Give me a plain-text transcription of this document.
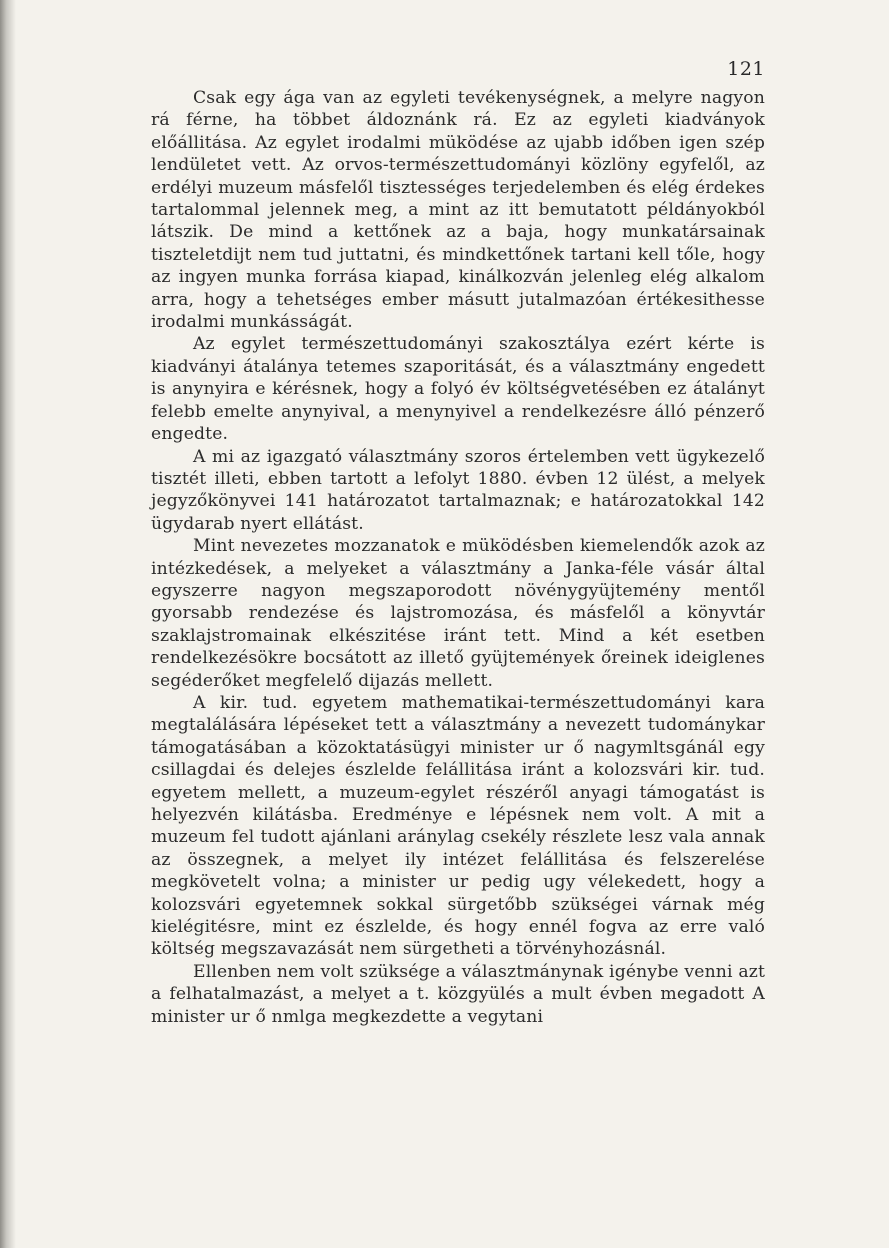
121

Csak egy ága van az egyleti tevékenységnek, a melyre nagyon rá férne, ha többet áldoznánk rá. Ez az egyleti kiadványok előállitása. Az egylet irodalmi müködése az ujabb időben igen szép lendületet vett. Az orvos-természettudományi közlöny egyfelől, az erdélyi muzeum másfelől tisztességes terjedelemben és elég érdekes tartalommal jelennek meg, a mint az itt bemutatott példányokból látszik. De mind a kettőnek az a baja, hogy munkatársainak tiszteletdijt nem tud juttatni, és mindkettőnek tartani kell tőle, hogy az ingyen munka forrása kiapad, kinálkozván jelenleg elég alkalom arra, hogy a tehetséges ember másutt jutalmazóan értékesithesse irodalmi munkásságát.

Az egylet természettudományi szakosztálya ezért kérte is kiadványi átalánya tetemes szaporitását, és a választmány engedett is anynyira e kérésnek, hogy a folyó év költségvetésében ez átalányt felebb emelte anynyival, a menynyivel a rendelkezésre álló pénzerő engedte.

A mi az igazgató választmány szoros értelemben vett ügykezelő tisztét illeti, ebben tartott a lefolyt 1880. évben 12 ülést, a melyek jegyzőkönyvei 141 határozatot tartalmaznak; e határozatokkal 142 ügydarab nyert ellátást.

Mint nevezetes mozzanatok e müködésben kiemelendők azok az intézkedések, a melyeket a választmány a Janka-féle vásár által egyszerre nagyon megszaporodott növénygyüjtemény mentől gyorsabb rendezése és lajstromozása, és másfelől a könyvtár szaklajstromainak elkészitése iránt tett. Mind a két esetben rendelkezésökre bocsátott az illető gyüjtemények őreinek ideiglenes segéderőket megfelelő dijazás mellett.

A kir. tud. egyetem mathematikai-természettudományi kara megtalálására lépéseket tett a választmány a nevezett tudománykar támogatásában a közoktatásügyi minister ur ő nagymltsgánál egy csillagdai és delejes észlelde felállitása iránt a kolozsvári kir. tud. egyetem mellett, a muzeum-egylet részéről anyagi támogatást is helyezvén kilátásba. Eredménye e lépésnek nem volt. A mit a muzeum fel tudott ajánlani aránylag csekély részlete lesz vala annak az összegnek, a melyet ily intézet felállitása és felszerelése megkövetelt volna; a minister ur pedig ugy vélekedett, hogy a kolozsvári egyetemnek sokkal sürgetőbb szükségei várnak még kielégitésre, mint ez észlelde, és hogy ennél fogva az erre való költség megszavazását nem sürgetheti a törvényhozásnál.

Ellenben nem volt szüksége a választmánynak igénybe venni azt a felhatalmazást, a melyet a t. közgyülés a mult évben megadott A minister ur ő nmlga megkezdette a vegytani
